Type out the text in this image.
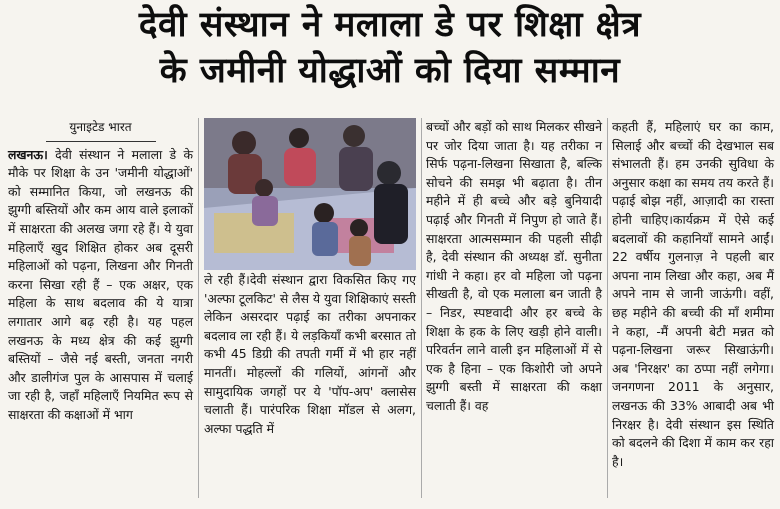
देवी संस्थान ने मलाला डे पर शिक्षा क्षेत्र
के जमीनी योद्धाओं को दिया सम्मान
युनाइटेड भारत

लखनऊ। देवी संस्थान ने मलाला डे के मौके पर शिक्षा के उन 'जमीनी योद्धाओं' को सम्मानित किया, जो लखनऊ की झुग्गी बस्तियों और कम आय वाले इलाकों में साक्षरता की अलख जगा रहे हैं। ये युवा महिलाएँ खुद शिक्षित होकर अब दूसरी महिलाओं को पढ़ना, लिखना और गिनती करना सिखा रही हैं – एक अक्षर, एक महिला के साथ बदलाव की ये यात्रा लगातार आगे बढ़ रही है। यह पहल लखनऊ के मध्य क्षेत्र की कई झुग्गी बस्तियों – जैसे नई बस्ती, जनता नगरी और डालीगंज पुल के आसपास में चलाई जा रही है, जहाँ महिलाएँ नियमित रूप से साक्षरता की कक्षाओं में भाग

ले रही हैं।देवी संस्थान द्वारा विकसित किए गए 'अल्फा टूलकिट' से लैस ये युवा शिक्षिकाएं सस्ती लेकिन असरदार पढ़ाई का तरीका अपनाकर बदलाव ला रही हैं। ये लड़कियाँ कभी बरसात तो कभी 45 डिग्री की तपती गर्मी में भी हार नहीं मानतीं। मोहल्लों की गलियों, आंगनों और सामुदायिक जगहों पर ये 'पॉप-अप' क्लासेस चलाती हैं। पारंपरिक शिक्षा मॉडल से अलग, अल्फा पद्धति में

बच्चों और बड़ों को साथ मिलकर सीखने पर जोर दिया जाता है। यह तरीका न सिर्फ पढ़ना-लिखना सिखाता है, बल्कि सोचने की समझ भी बढ़ाता है। तीन महीने में ही बच्चे और बड़े बुनियादी पढ़ाई और गिनती में निपुण हो जाते हैं।साक्षरता आत्मसम्मान की पहली सीढ़ी है, देवी संस्थान की अध्यक्ष डॉ. सुनीता गांधी ने कहा। हर वो महिला जो पढ़ना सीखती है, वो एक मलाला बन जाती है – निडर, स्पष्टवादी और हर बच्चे के शिक्षा के हक के लिए खड़ी होने वाली।परिवर्तन लाने वाली इन महिलाओं में से एक है हिना – एक किशोरी जो अपने झुग्गी बस्ती में साक्षरता की कक्षा चलाती हैं। वह

कहती हैं, महिलाएं घर का काम, सिलाई और बच्चों की देखभाल सब संभालती हैं। हम उनकी सुविधा के अनुसार कक्षा का समय तय करते हैं। पढ़ाई बोझ नहीं, आज़ादी का रास्ता होनी चाहिए।कार्यक्रम में ऐसे कई बदलावों की कहानियाँ सामने आईं। 22 वर्षीय गुलनाज़ ने पहली बार अपना नाम लिखा और कहा, अब मैं अपने नाम से जानी जाऊंगी। वहीं, छह महीने की बच्ची की माँ शमीमा ने कहा, -मैं अपनी बेटी मन्नत को पढ़ना-लिखना जरूर सिखाऊंगी। अब 'निरक्षर' का ठप्पा नहीं लगेगा।जनगणना 2011 के अनुसार, लखनऊ की 33% आबादी अब भी निरक्षर है। देवी संस्थान इस स्थिति को बदलने की दिशा में काम कर रहा है।
